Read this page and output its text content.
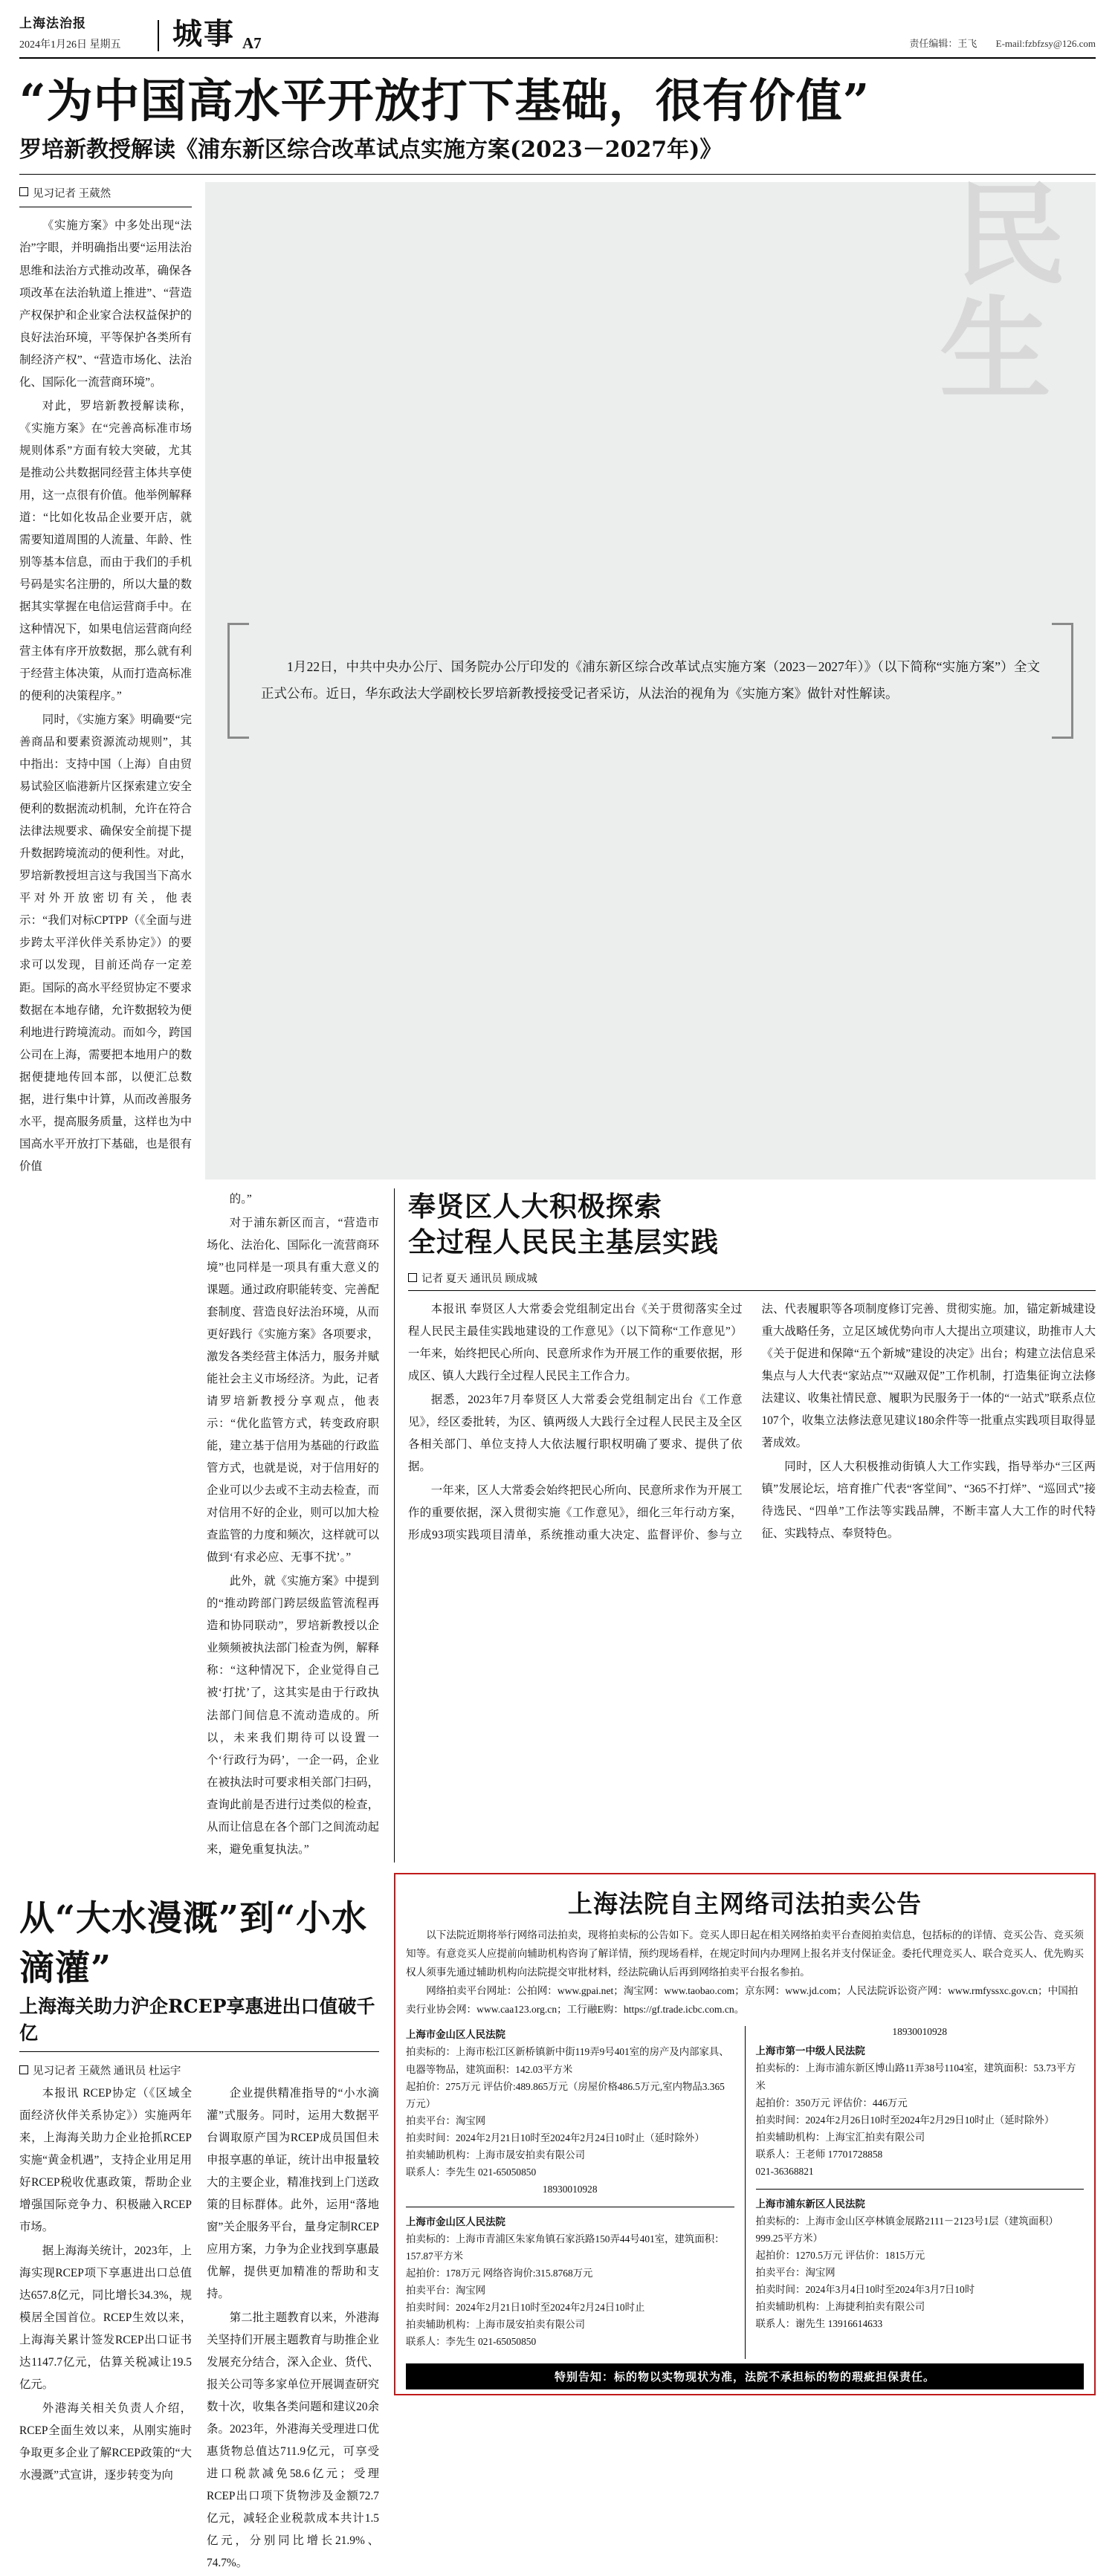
上海法治报
2024年1月26日 星期五	城事 A7	责任编辑：王飞 E-mail:fzbfzsy@126.com
“为中国高水平开放打下基础，很有价值”
罗培新教授解读《浦东新区综合改革试点实施方案(2023－2027年)》
见习记者 王葳然

《实施方案》中多处出现“法治”字眼，并明确指出要“运用法治思维和法治方式推动改革，确保各项改革在法治轨道上推进”、“营造产权保护和企业家合法权益保护的良好法治环境，平等保护各类所有制经济产权”、“营造市场化、法治化、国际化一流营商环境”。

对此，罗培新教授解读称，《实施方案》在“完善高标准市场规则体系”方面有较大突破，尤其是推动公共数据同经营主体共享使用，这一点很有价值。他举例解释道：“比如化妆品企业要开店，就需要知道周围的人流量、年龄、性别等基本信息，而由于我们的手机号码是实名注册的，所以大量的数据其实掌握在电信运营商手中。在这种情况下，如果电信运营商向经营主体有序开放数据，那么就有利于经营主体决策，从而打造高标准的便利的决策程序。”

同时，《实施方案》明确要“完善商品和要素资源流动规则”，其中指出：支持中国（上海）自由贸易试验区临港新片区探索建立安全便利的数据流动机制，允许在符合法律法规要求、确保安全前提下提升数据跨境流动的便利性。对此，罗培新教授坦言这与我国当下高水平对外开放密切有关，他表示：“我们对标CPTPP（《全面与进步跨太平洋伙伴关系协定》）的要求可以发现，目前还尚存一定差距。国际的高水平经贸协定不要求数据在本地存储，允许数据较为便利地进行跨境流动。而如今，跨国公司在上海，需要把本地用户的数据便捷地传回本部，以便汇总数据，进行集中计算，从而改善服务水平，提高服务质量，这样也为中国高水平开放打下基础，也是很有价值

民
生
1月22日，中共中央办公厅、国务院办公厅印发的《浦东新区综合改革试点实施方案（2023－2027年）》（以下简称“实施方案”）全文正式公布。近日，华东政法大学副校长罗培新教授接受记者采访，从法治的视角为《实施方案》做针对性解读。

的。”

对于浦东新区而言，“营造市场化、法治化、国际化一流营商环境”也同样是一项具有重大意义的课题。通过政府职能转变、完善配套制度、营造良好法治环境，从而更好践行《实施方案》各项要求，激发各类经营主体活力，服务并赋能社会主义市场经济。为此，记者请罗培新教授分享观点，他表示：“优化监管方式，转变政府职能，建立基于信用为基础的行政监管方式，也就是说，对于信用好的企业可以少去或不主动去检查，而对信用不好的企业，则可以加大检查监管的力度和频次，这样就可以做到‘有求必应、无事不扰’。”

此外，就《实施方案》中提到的“推动跨部门跨层级监管流程再造和协同联动”，罗培新教授以企业频频被执法部门检查为例，解释称：“这种情况下，企业觉得自己被‘打扰’了，这其实是由于行政执法部门间信息不流动造成的。所以，未来我们期待可以设置一个‘行政行为码’，一企一码，企业在被执法时可要求相关部门扫码，查询此前是否进行过类似的检查，从而让信息在各个部门之间流动起来，避免重复执法。”

奉贤区人大积极探索
全过程人民民主基层实践
记者 夏天 通讯员 顾成城

本报讯 奉贤区人大常委会党组制定出台《关于贯彻落实全过程人民民主最佳实践地建设的工作意见》（以下简称“工作意见”）一年来，始终把民心所向、民意所求作为开展工作的重要依据，形成区、镇人大践行全过程人民民主工作合力。

据悉，2023年7月奉贤区人大常委会党组制定出台《工作意见》，经区委批转，为区、镇两级人大践行全过程人民民主及全区各相关部门、单位支持人大依法履行职权明确了要求、提供了依据。

一年来，区人大常委会始终把民心所向、民意所求作为开展工作的重要依据，深入贯彻实施《工作意见》，细化三年行动方案，形成93项实践项目清单，系统推动重大决定、监督评价、参与立法、代表履职等各项制度修订完善、贯彻实施。加，锚定新城建设重大战略任务，立足区域优势向市人大提出立项建议，助推市人大《关于促进和保障“五个新城”建设的决定》出台；构建立法信息采集点与人大代表“家站点”“双融双促”工作机制，打造集征询立法修法建议、收集社情民意、履职为民服务于一体的“一站式”联系点位107个，收集立法修法意见建议180余件等一批重点实践项目取得显著成效。

同时，区人大积极推动街镇人大工作实践，指导举办“三区两镇”发展论坛，培育推广代表“客堂间”、“365不打烊”、“巡回式”接待选民、“四单”工作法等实践品牌，不断丰富人大工作的时代特征、实践特点、奉贤特色。

从“大水漫溉”到“小水滴灌”
上海海关助力沪企RCEP享惠进出口值破千亿
见习记者 王葳然 通讯员 杜运宇

本报讯 RCEP协定（《区域全面经济伙伴关系协定》）实施两年来，上海海关助力企业抢抓RCEP实施“黄金机遇”，支持企业用足用好RCEP税收优惠政策，帮助企业增强国际竞争力、积极融入RCEP市场。

据上海海关统计，2023年，上海实现RCEP项下享惠进出口总值达657.8亿元，同比增长34.3%，规模居全国首位。RCEP生效以来，上海海关累计签发RCEP出口证书达1147.7亿元，估算关税减让19.5亿元。

外港海关相关负责人介绍，RCEP全面生效以来，从刚实施时争取更多企业了解RCEP政策的“大水漫溉”式宣讲，逐步转变为向

企业提供精准指导的“小水滴灌”式服务。同时，运用大数据平台调取原产国为RCEP成员国但未申报享惠的单证，统计出申报量较大的主要企业，精准找到上门送政策的目标群体。此外，运用“落地窗”关企服务平台，量身定制RCEP应用方案，力争为企业找到享惠最优解，提供更加精准的帮助和支持。

第二批主题教育以来，外港海关坚持们开展主题教育与助推企业发展充分结合，深入企业、货代、报关公司等多家单位开展调查研究数十次，收集各类问题和建议20余条。2023年，外港海关受理进口优惠货物总值达711.9亿元，可享受进口税款减免58.6亿元；受理RCEP出口项下货物涉及金额72.7亿元，减轻企业税款成本共计1.5亿元，分别同比增长21.9%、74.7%。

上海法院自主网络司法拍卖公告
以下法院近期将举行网络司法拍卖，现将拍卖标的公告如下。竞买人即日起在相关网络拍卖平台查阅拍卖信息，包括标的的详情、竞买公告、竞买须知等。有意竞买人应提前向辅助机构咨询了解详情，预约现场看样，在规定时间内办理网上报名并支付保证金。委托代理竞买人、联合竞买人、优先购买权人须事先通过辅助机构向法院提交审批材料，经法院确认后再到网络拍卖平台报名参拍。
网络拍卖平台网址：公拍网：www.gpai.net；淘宝网：www.taobao.com；京东网：www.jd.com；人民法院诉讼资产网：www.rmfyssxc.gov.cn；中国拍卖行业协会网：www.caa123.org.cn；工行融E购：https://gf.trade.icbc.com.cn。
上海市金山区人民法院
拍卖标的：上海市松江区新桥镇新中街119弄9号401室的房产及内部家具、电器等物品，建筑面积：142.03平方米
起拍价：275万元 评估价:489.865万元（房屋价格486.5万元,室内物品3.365万元）
拍卖平台：淘宝网
拍卖时间：2024年2月21日10时至2024年2月24日10时止（延时除外）
拍卖辅助机构：上海市晟安拍卖有限公司
联系人：李先生 021-65050850
18930010928
上海市金山区人民法院
拍卖标的：上海市青浦区朱家角镇石家浜路150弄44号401室，建筑面积：157.87平方米
起拍价：178万元 网络咨询价:315.8768万元
拍卖平台：淘宝网
拍卖时间：2024年2月21日10时至2024年2月24日10时止
拍卖辅助机构：上海市晟安拍卖有限公司
联系人：李先生 021-65050850
18930010928
上海市第一中级人民法院
拍卖标的：上海市浦东新区博山路11弄38号1104室，建筑面积：53.73平方米
起拍价：350万元 评估价：446万元
拍卖时间：2024年2月26日10时至2024年2月29日10时止（延时除外）
拍卖辅助机构：上海宝汇拍卖有限公司
联系人：王老师 17701728858
021-36368821
上海市浦东新区人民法院
拍卖标的：上海市金山区亭林镇金展路2111－2123号1层（建筑面积）999.25平方米）
起拍价：1270.5万元 评估价：1815万元
拍卖平台：淘宝网
拍卖时间：2024年3月4日10时至2024年3月7日10时
拍卖辅助机构：上海捷利拍卖有限公司
联系人：谢先生 13916614633
特别告知：标的物以实物现状为准，法院不承担标的物的瑕疵担保责任。
